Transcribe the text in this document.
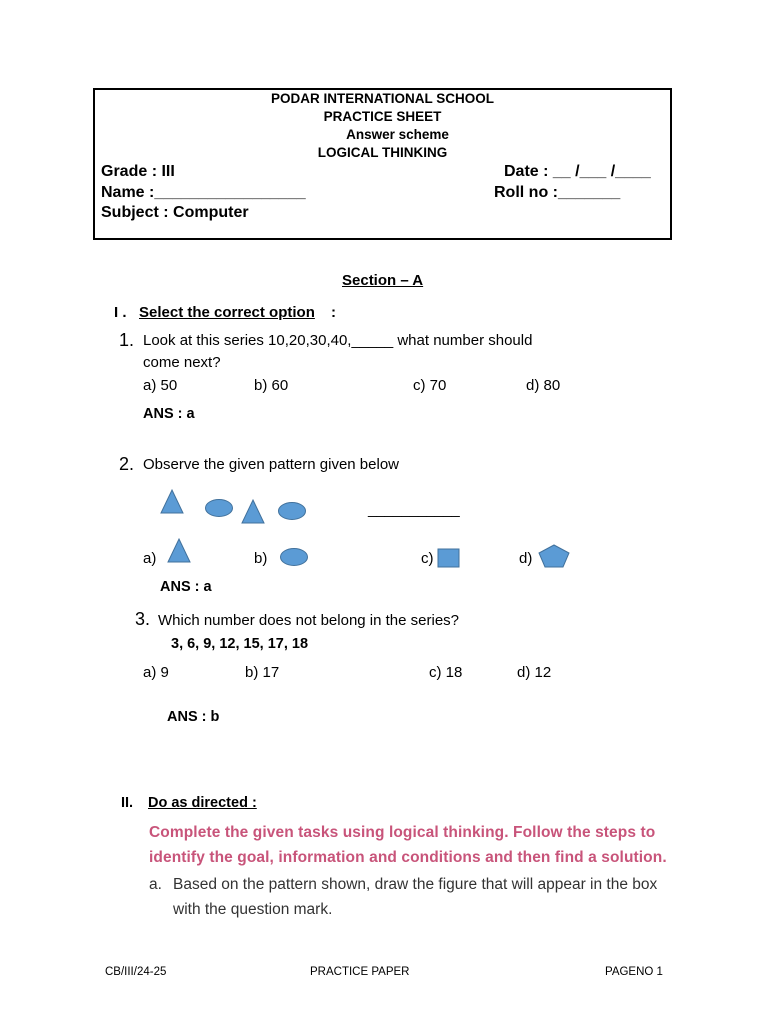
PODAR INTERNATIONAL SCHOOL
PRACTICE SHEET
Answer scheme
LOGICAL THINKING
Grade : III	Date : __ /___ /____
Name :_________________	Roll no :_______
Subject : Computer
Section – A
I . Select the correct option :
1. Look at this series 10,20,30,40,_____ what number should
come next?
a) 50	b) 60	c) 70	d) 80
ANS : a
2. Observe the given pattern given below
___________
a)	b)	c)	d)
ANS : a
3. Which number does not belong in the series?
3, 6, 9, 12, 15, 17, 18
a) 9	b) 17	c) 18	d) 12
ANS : b
II. Do as directed :
Complete the given tasks using logical thinking. Follow the steps to
identify the goal, information and conditions and then find a solution.
a. Based on the pattern shown, draw the figure that will appear in the box
with the question mark.
CB/III/24-25	PRACTICE PAPER	PAGENO 1
